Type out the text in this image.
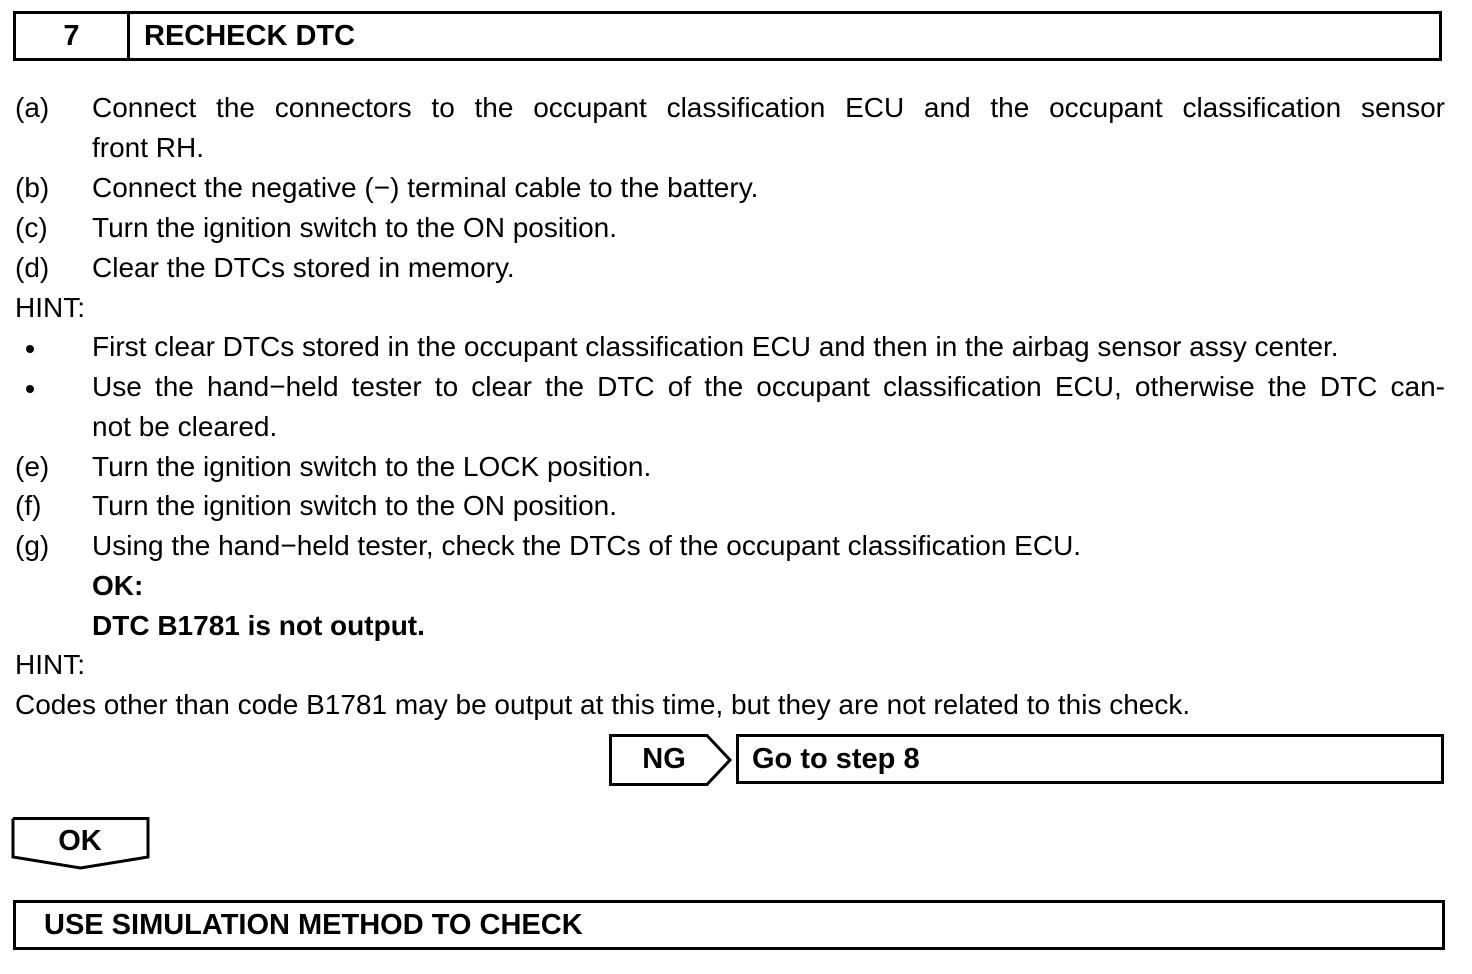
7	RECHECK DTC
(a) Connect the connectors to the occupant classification ECU and the occupant classification sensor
front RH.
(b) Connect the negative (−) terminal cable to the battery.
(c) Turn the ignition switch to the ON position.
(d) Clear the DTCs stored in memory.
HINT:
First clear DTCs stored in the occupant classification ECU and then in the airbag sensor assy center.
Use the hand−held tester to clear the DTC of the occupant classification ECU, otherwise the DTC can-
not be cleared.
(e) Turn the ignition switch to the LOCK position.
(f) Turn the ignition switch to the ON position.
(g) Using the hand−held tester, check the DTCs of the occupant classification ECU.
OK:
DTC B1781 is not output.
HINT:
Codes other than code B1781 may be output at this time, but they are not related to this check.
NG	Go to step 8
OK
USE SIMULATION METHOD TO CHECK
